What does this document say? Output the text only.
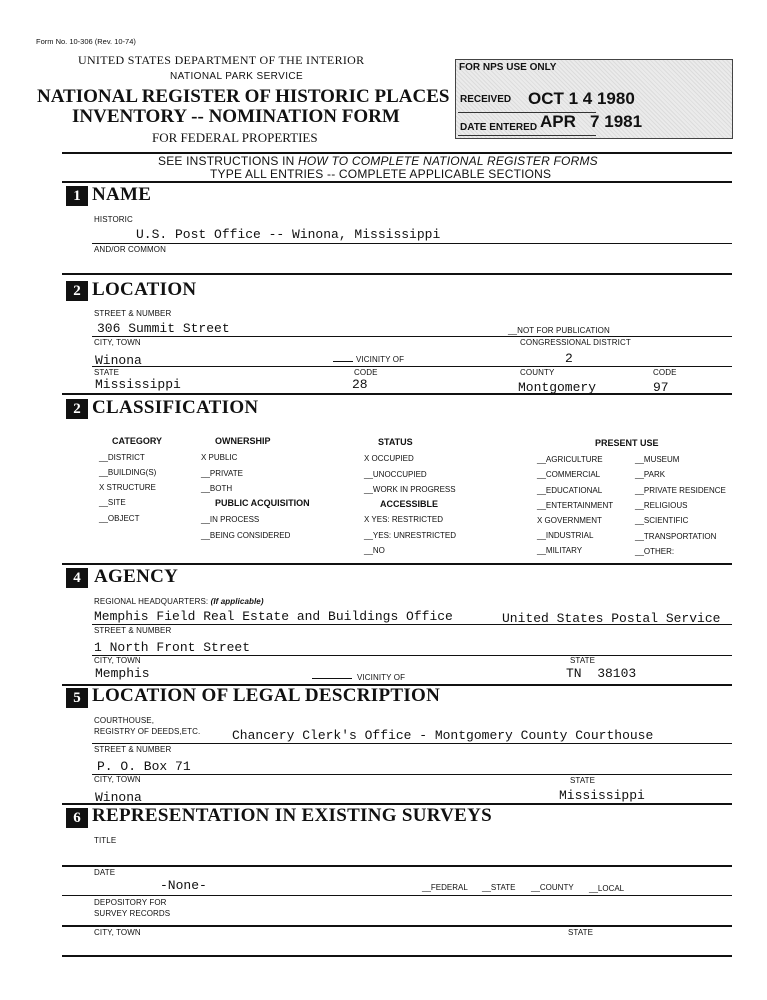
Form No. 10-306 (Rev. 10-74)
UNITED STATES DEPARTMENT OF THE INTERIOR
NATIONAL PARK SERVICE
NATIONAL REGISTER OF HISTORIC PLACES
INVENTORY -- NOMINATION FORM
FOR FEDERAL PROPERTIES
FOR NPS USE ONLY
RECEIVED OCT 1 4 1980
DATE ENTERED APR   7 1981
SEE INSTRUCTIONS IN HOW TO COMPLETE NATIONAL REGISTER FORMS
TYPE ALL ENTRIES -- COMPLETE APPLICABLE SECTIONS
1 NAME
HISTORIC
U.S. Post Office -- Winona, Mississippi
AND/OR COMMON
2 LOCATION
STREET & NUMBER
306 Summit Street	__NOT FOR PUBLICATION
CITY, TOWN	CONGRESSIONAL DISTRICT
Winona	VICINITY OF	2
STATE	CODE	COUNTY	CODE
Mississippi	28	Montgomery	97
2 CLASSIFICATION
CATEGORY
__DISTRICT
__BUILDING(S)
X STRUCTURE
__SITE
__OBJECT
OWNERSHIP
X PUBLIC
__PRIVATE
__BOTH
PUBLIC ACQUISITION
__IN PROCESS
__BEING CONSIDERED
STATUS
X OCCUPIED
__UNOCCUPIED
__WORK IN PROGRESS
ACCESSIBLE
X YES: RESTRICTED
__YES: UNRESTRICTED
__NO
PRESENT USE
__AGRICULTURE
__COMMERCIAL
__EDUCATIONAL
__ENTERTAINMENT
X GOVERNMENT
__INDUSTRIAL
__MILITARY
__MUSEUM
__PARK
__PRIVATE RESIDENCE
__RELIGIOUS
__SCIENTIFIC
__TRANSPORTATION
__OTHER:
4 AGENCY
REGIONAL HEADQUARTERS: (If applicable)
Memphis Field Real Estate and Buildings Office	United States Postal Service
STREET & NUMBER
1 North Front Street
CITY, TOWN	STATE
Memphis	VICINITY OF	TN  38103
5 LOCATION OF LEGAL DESCRIPTION
COURTHOUSE,
REGISTRY OF DEEDS,ETC. Chancery Clerk's Office - Montgomery County Courthouse
STREET & NUMBER
P. O. Box 71
CITY, TOWN	STATE
Winona	Mississippi
6 REPRESENTATION IN EXISTING SURVEYS
TITLE
DATE
-None-	__FEDERAL __STATE __COUNTY __LOCAL
DEPOSITORY FOR
SURVEY RECORDS
CITY, TOWN	STATE
